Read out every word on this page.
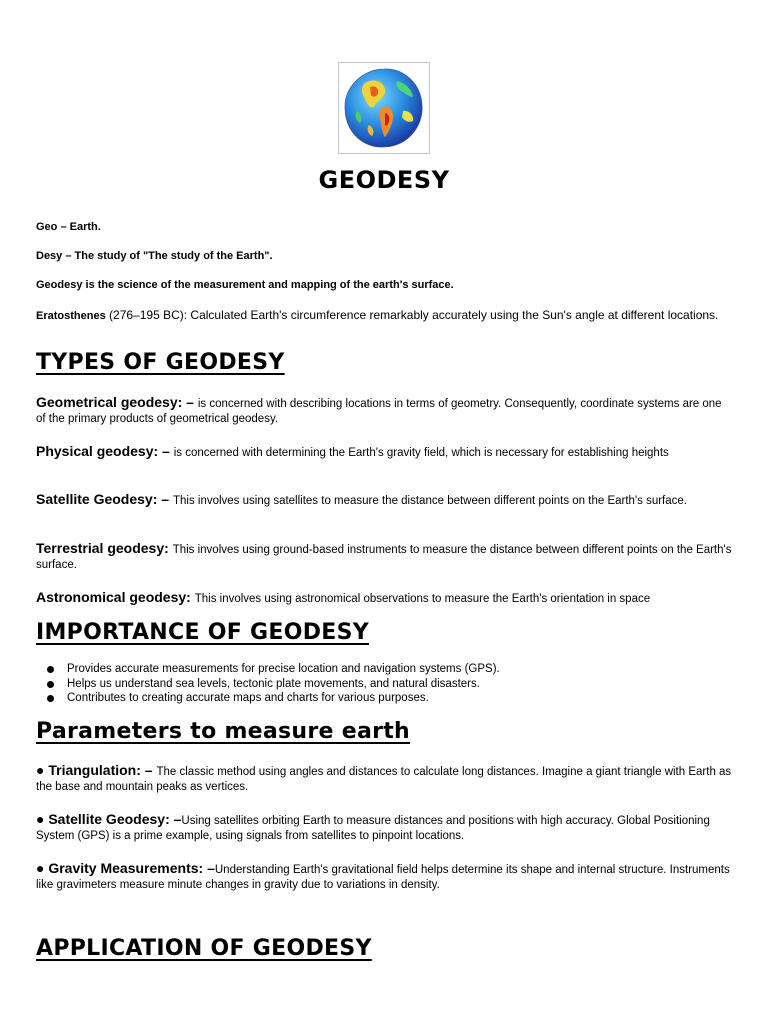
GEODESY

Geo – Earth.

Desy – The study of "The study of the Earth".

Geodesy is the science of the measurement and mapping of the earth's surface.

Eratosthenes (276–195 BC): Calculated Earth's circumference remarkably accurately using the Sun's angle at different locations.

TYPES OF GEODESY

Geometrical geodesy: – is concerned with describing locations in terms of geometry. Consequently, coordinate systems are one of the primary products of geometrical geodesy.

Physical geodesy: – is concerned with determining the Earth's gravity field, which is necessary for establishing heights

Satellite Geodesy: – This involves using satellites to measure the distance between different points on the Earth's surface.

Terrestrial geodesy: This involves using ground-based instruments to measure the distance between different points on the Earth's surface.

Astronomical geodesy: This involves using astronomical observations to measure the Earth's orientation in space

IMPORTANCE OF GEODESY
Provides accurate measurements for precise location and navigation systems (GPS).
Helps us understand sea levels, tectonic plate movements, and natural disasters.
Contributes to creating accurate maps and charts for various purposes.
Parameters to measure earth

● Triangulation: – The classic method using angles and distances to calculate long distances. Imagine a giant triangle with Earth as the base and mountain peaks as vertices.

● Satellite Geodesy: –Using satellites orbiting Earth to measure distances and positions with high accuracy. Global Positioning System (GPS) is a prime example, using signals from satellites to pinpoint locations.

● Gravity Measurements: –Understanding Earth's gravitational field helps determine its shape and internal structure. Instruments like gravimeters measure minute changes in gravity due to variations in density.

APPLICATION OF GEODESY
